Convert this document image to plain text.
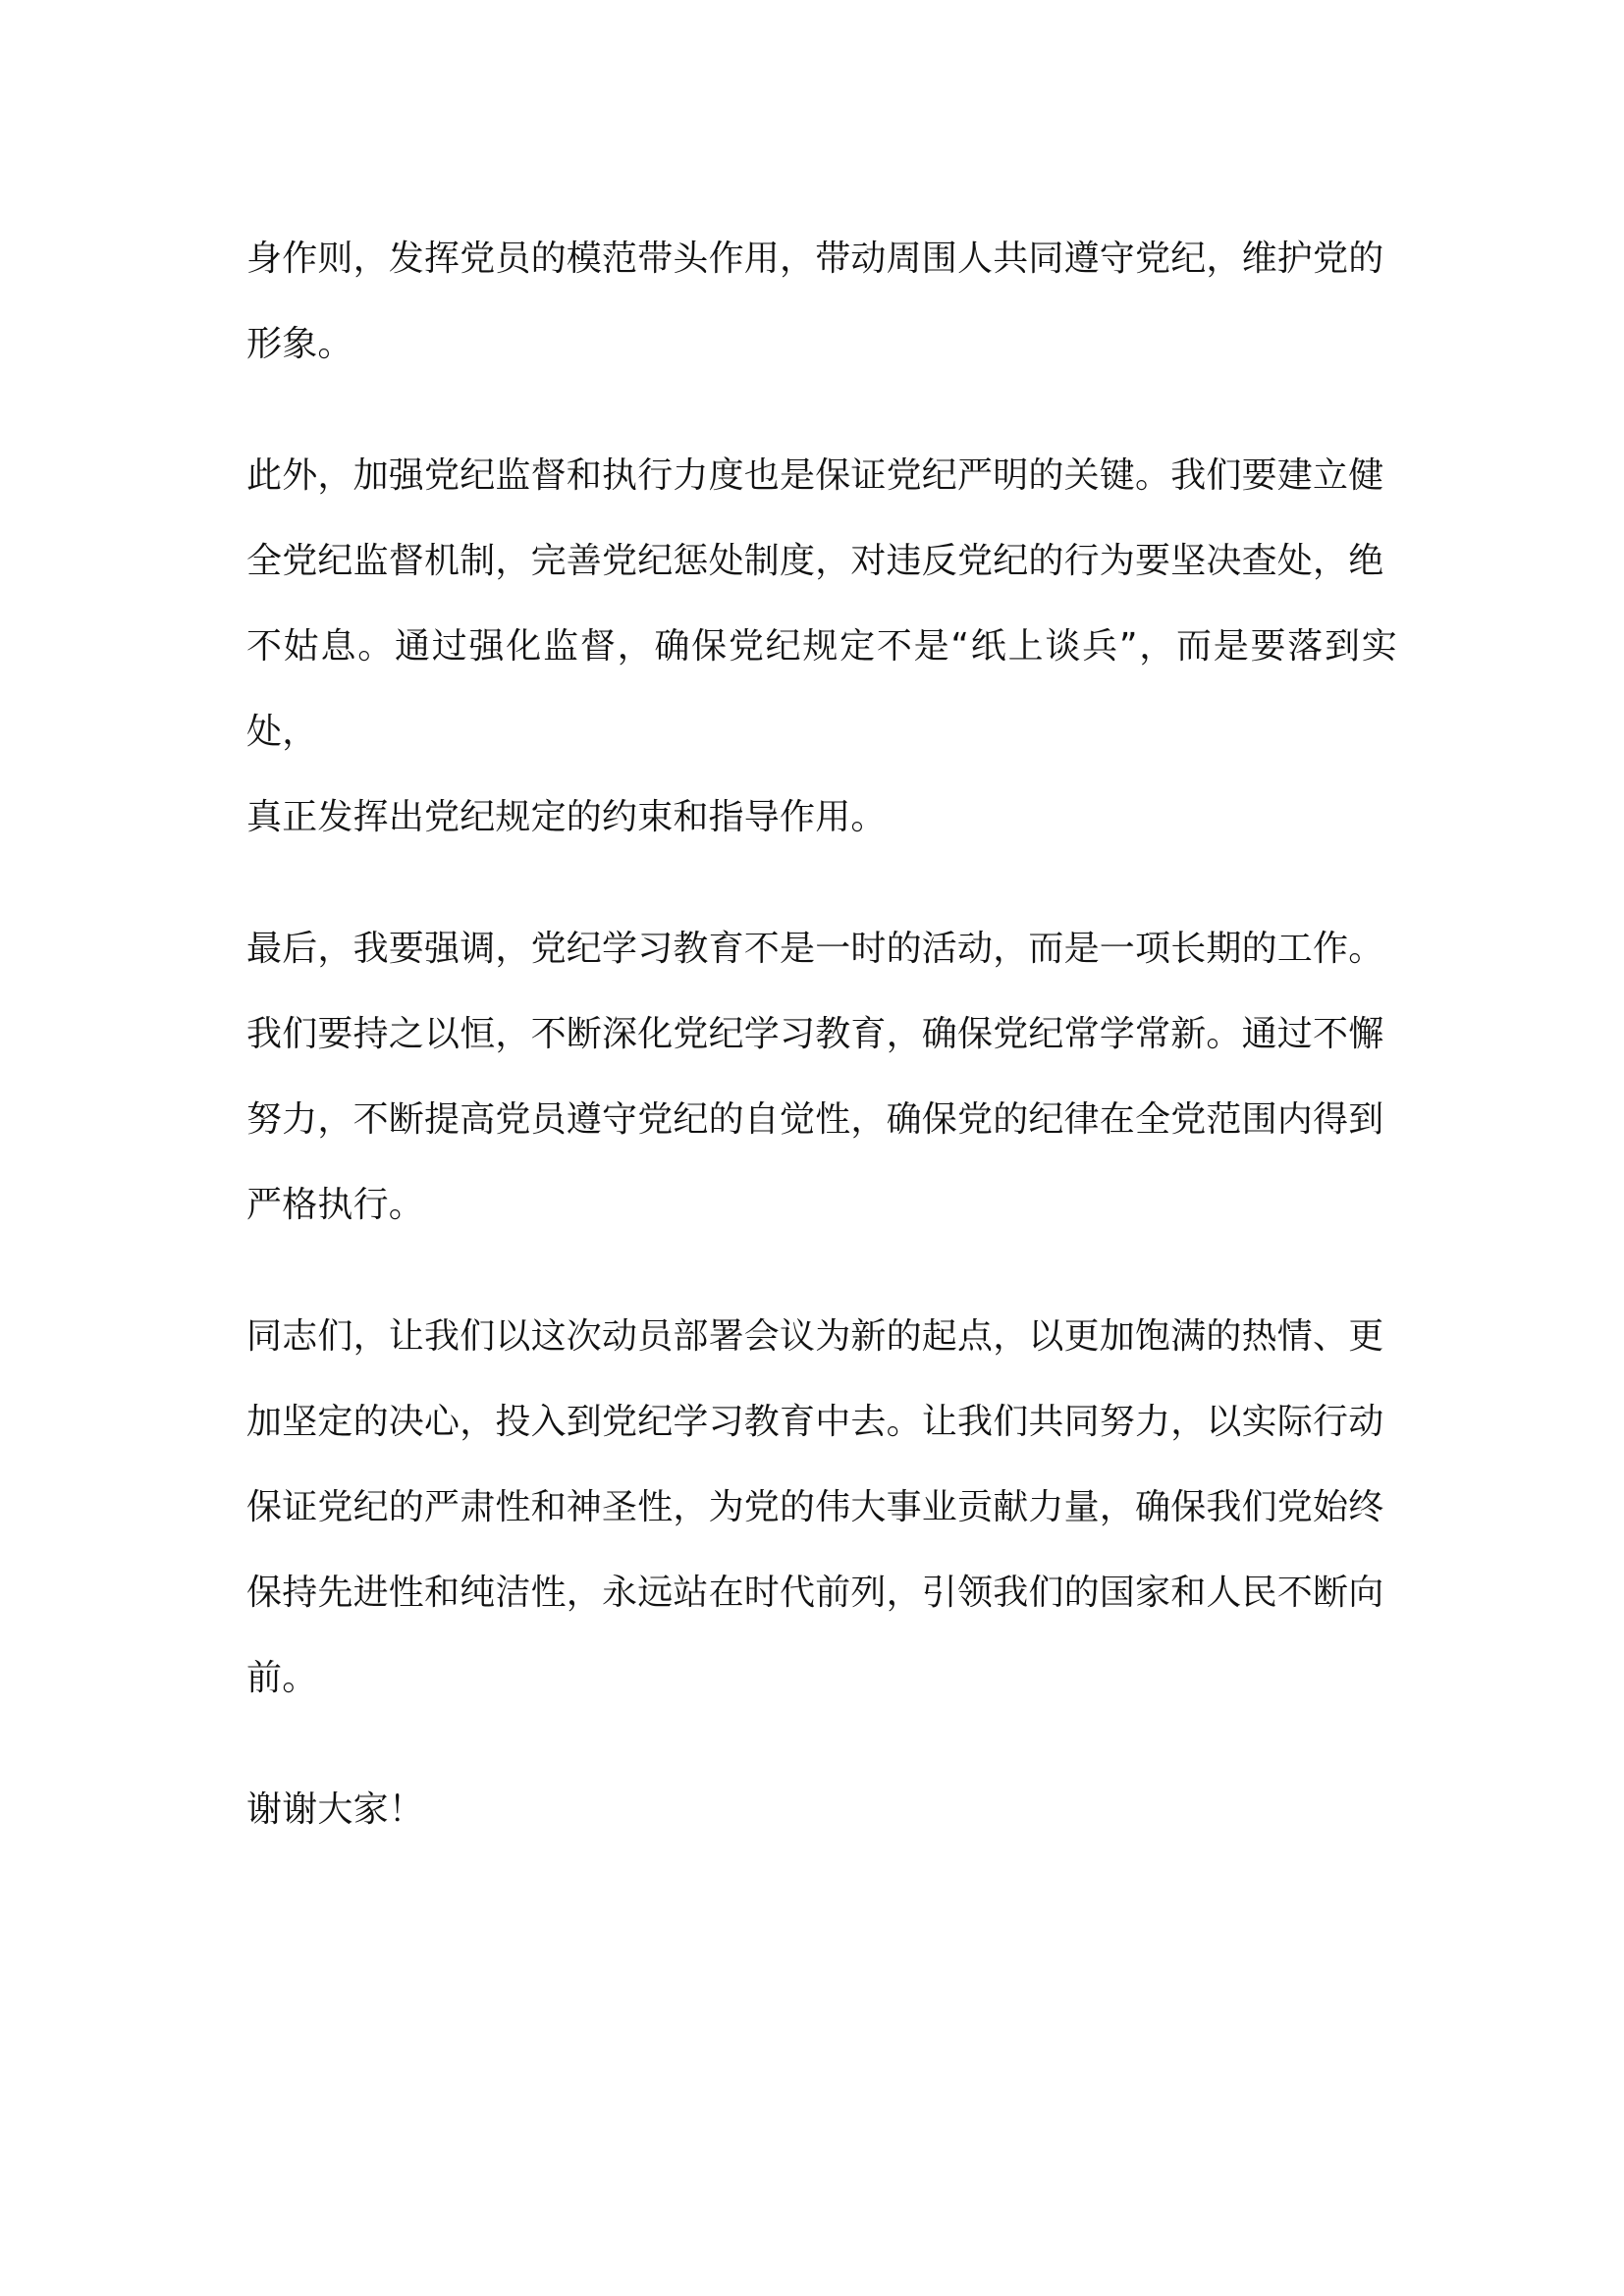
身作则，发挥党员的模范带头作用，带动周围人共同遵守党纪，维护党的
形象。

此外，加强党纪监督和执行力度也是保证党纪严明的关键。我们要建立健
全党纪监督机制，完善党纪惩处制度，对违反党纪的行为要坚决查处，绝
不姑息。通过强化监督，确保党纪规定不是“纸上谈兵”，而是要落到实处，
真正发挥出党纪规定的约束和指导作用。

最后，我要强调，党纪学习教育不是一时的活动，而是一项长期的工作。
我们要持之以恒，不断深化党纪学习教育，确保党纪常学常新。通过不懈
努力，不断提高党员遵守党纪的自觉性，确保党的纪律在全党范围内得到
严格执行。

同志们，让我们以这次动员部署会议为新的起点，以更加饱满的热情、更
加坚定的决心，投入到党纪学习教育中去。让我们共同努力，以实际行动
保证党纪的严肃性和神圣性，为党的伟大事业贡献力量，确保我们党始终
保持先进性和纯洁性，永远站在时代前列，引领我们的国家和人民不断向
前。

谢谢大家！
